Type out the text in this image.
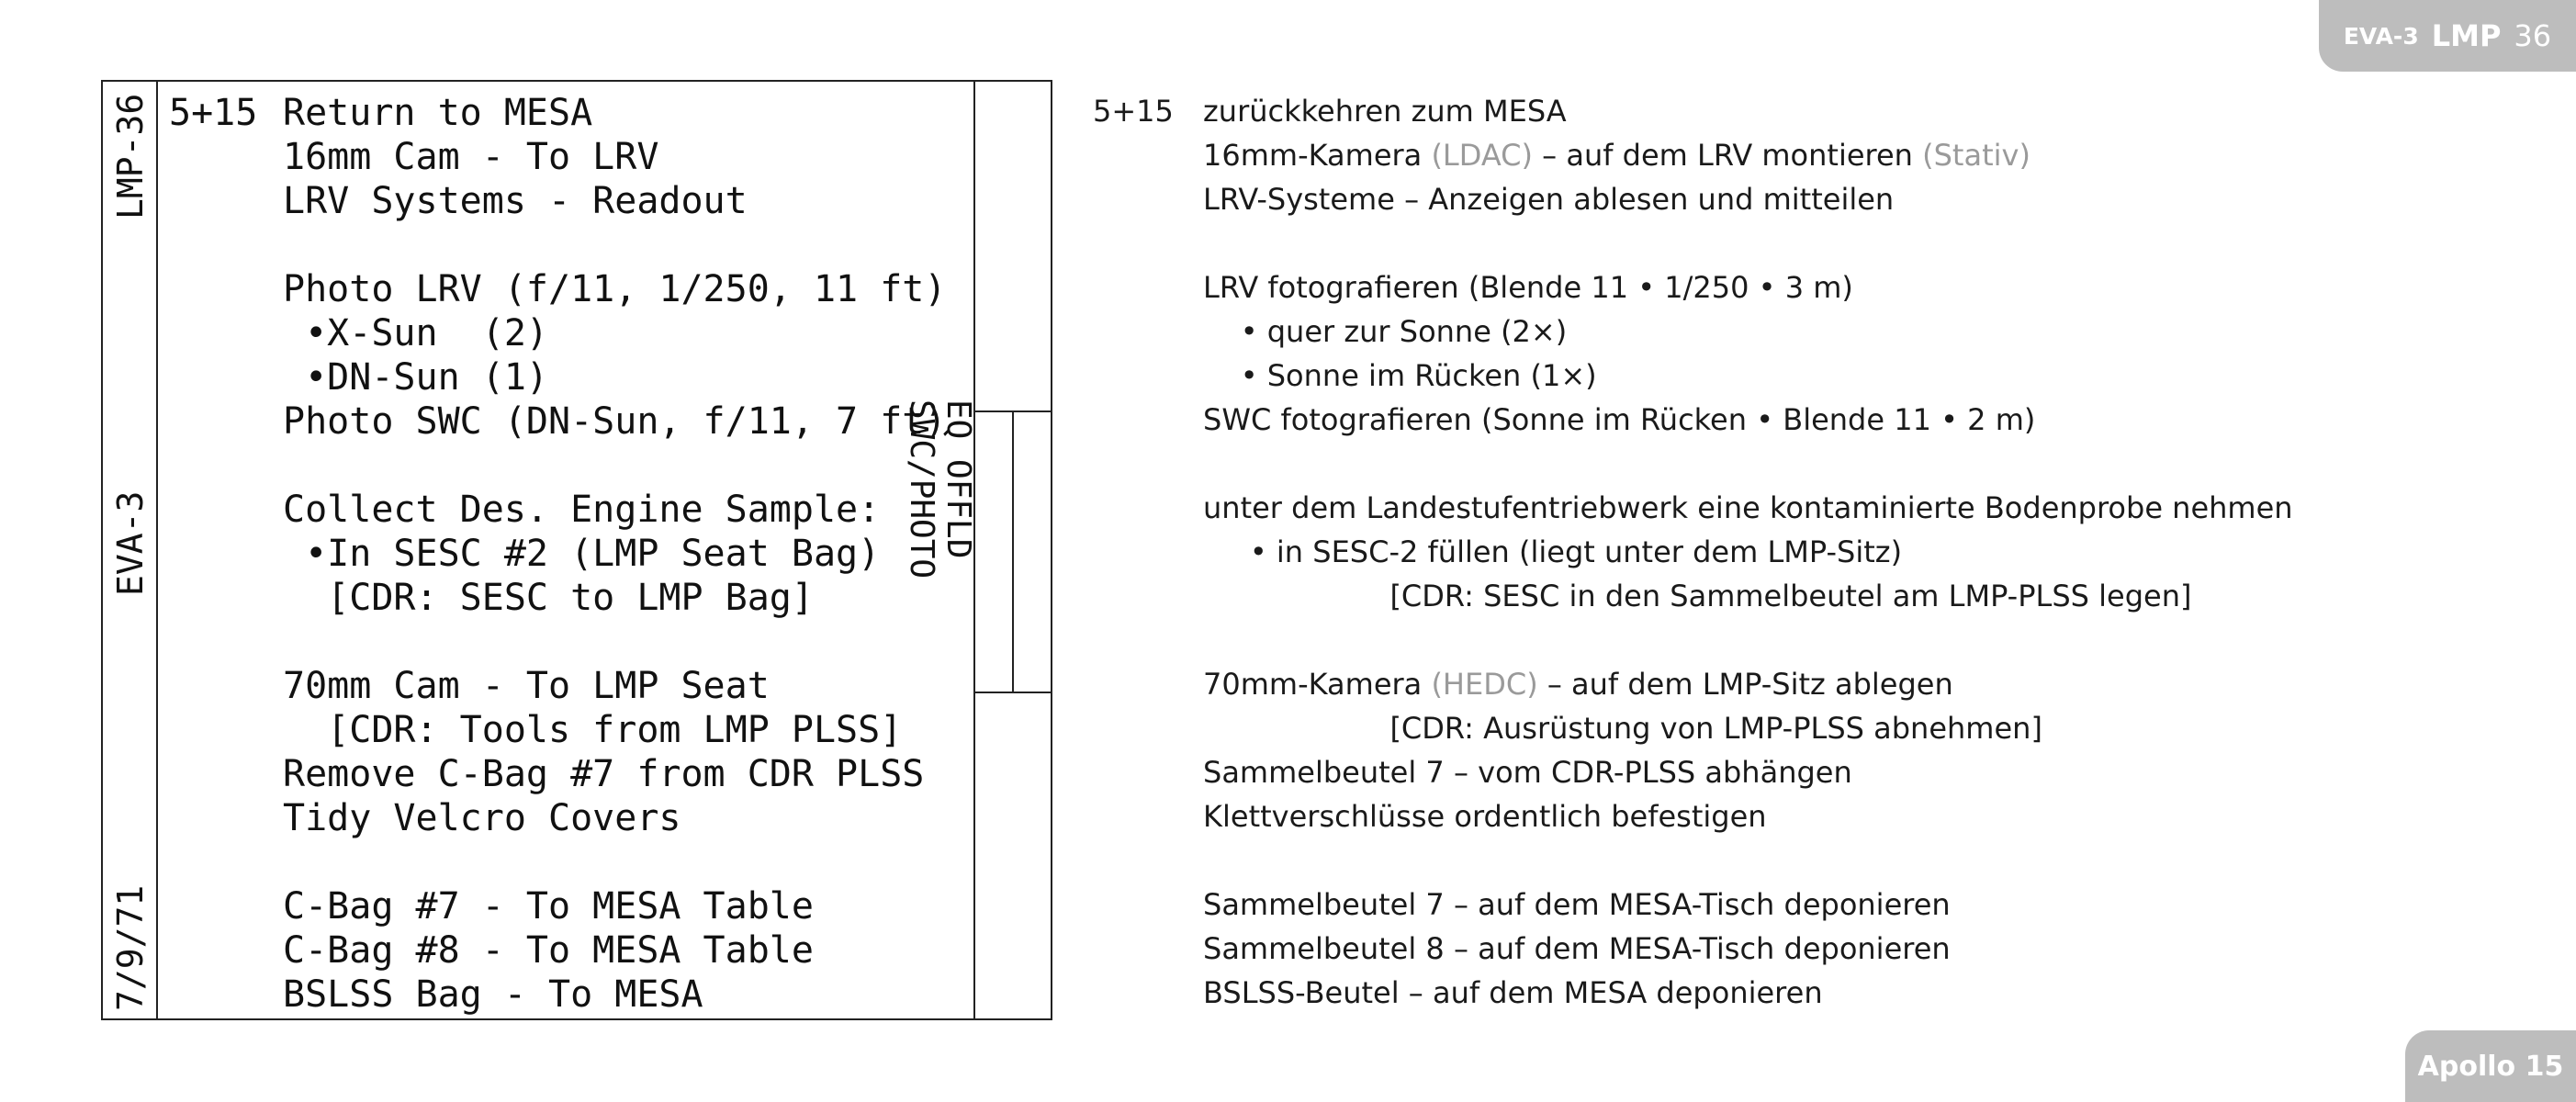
EVA-3 LMP 36
LMP-36
EVA-3
7/9/71
SWC/PHOTO EQ OFFLD
5+15 Return to MESA
16mm Cam - To LRV
LRV Systems - Readout
Photo LRV (f/11, 1/250, 11 ft)
•X-Sun  (2)
•DN-Sun (1)
Photo SWC (DN-Sun, f/11, 7 ft)
Collect Des. Engine Sample:
•In SESC #2 (LMP Seat Bag)
[CDR: SESC to LMP Bag]
70mm Cam - To LMP Seat
[CDR: Tools from LMP PLSS]
Remove C-Bag #7 from CDR PLSS
Tidy Velcro Covers
C-Bag #7 - To MESA Table
C-Bag #8 - To MESA Table
BSLSS Bag - To MESA
5+15 zurückkehren zum MESA
16mm-Kamera (LDAC) – auf dem LRV montieren (Stativ)
LRV-Systeme – Anzeigen ablesen und mitteilen
LRV fotografieren (Blende 11 • 1/250 • 3 m)
• quer zur Sonne (2×)
• Sonne im Rücken (1×)
SWC fotografieren (Sonne im Rücken • Blende 11 • 2 m)
unter dem Landestufentriebwerk eine kontaminierte Bodenprobe nehmen
• in SESC-2 füllen (liegt unter dem LMP-Sitz)
[CDR: SESC in den Sammelbeutel am LMP-PLSS legen]
70mm-Kamera (HEDC) – auf dem LMP-Sitz ablegen
[CDR: Ausrüstung von LMP-PLSS abnehmen]
Sammelbeutel 7 – vom CDR-PLSS abhängen
Klettverschlüsse ordentlich befestigen
Sammelbeutel 7 – auf dem MESA-Tisch deponieren
Sammelbeutel 8 – auf dem MESA-Tisch deponieren
BSLSS-Beutel – auf dem MESA deponieren
Apollo 15
